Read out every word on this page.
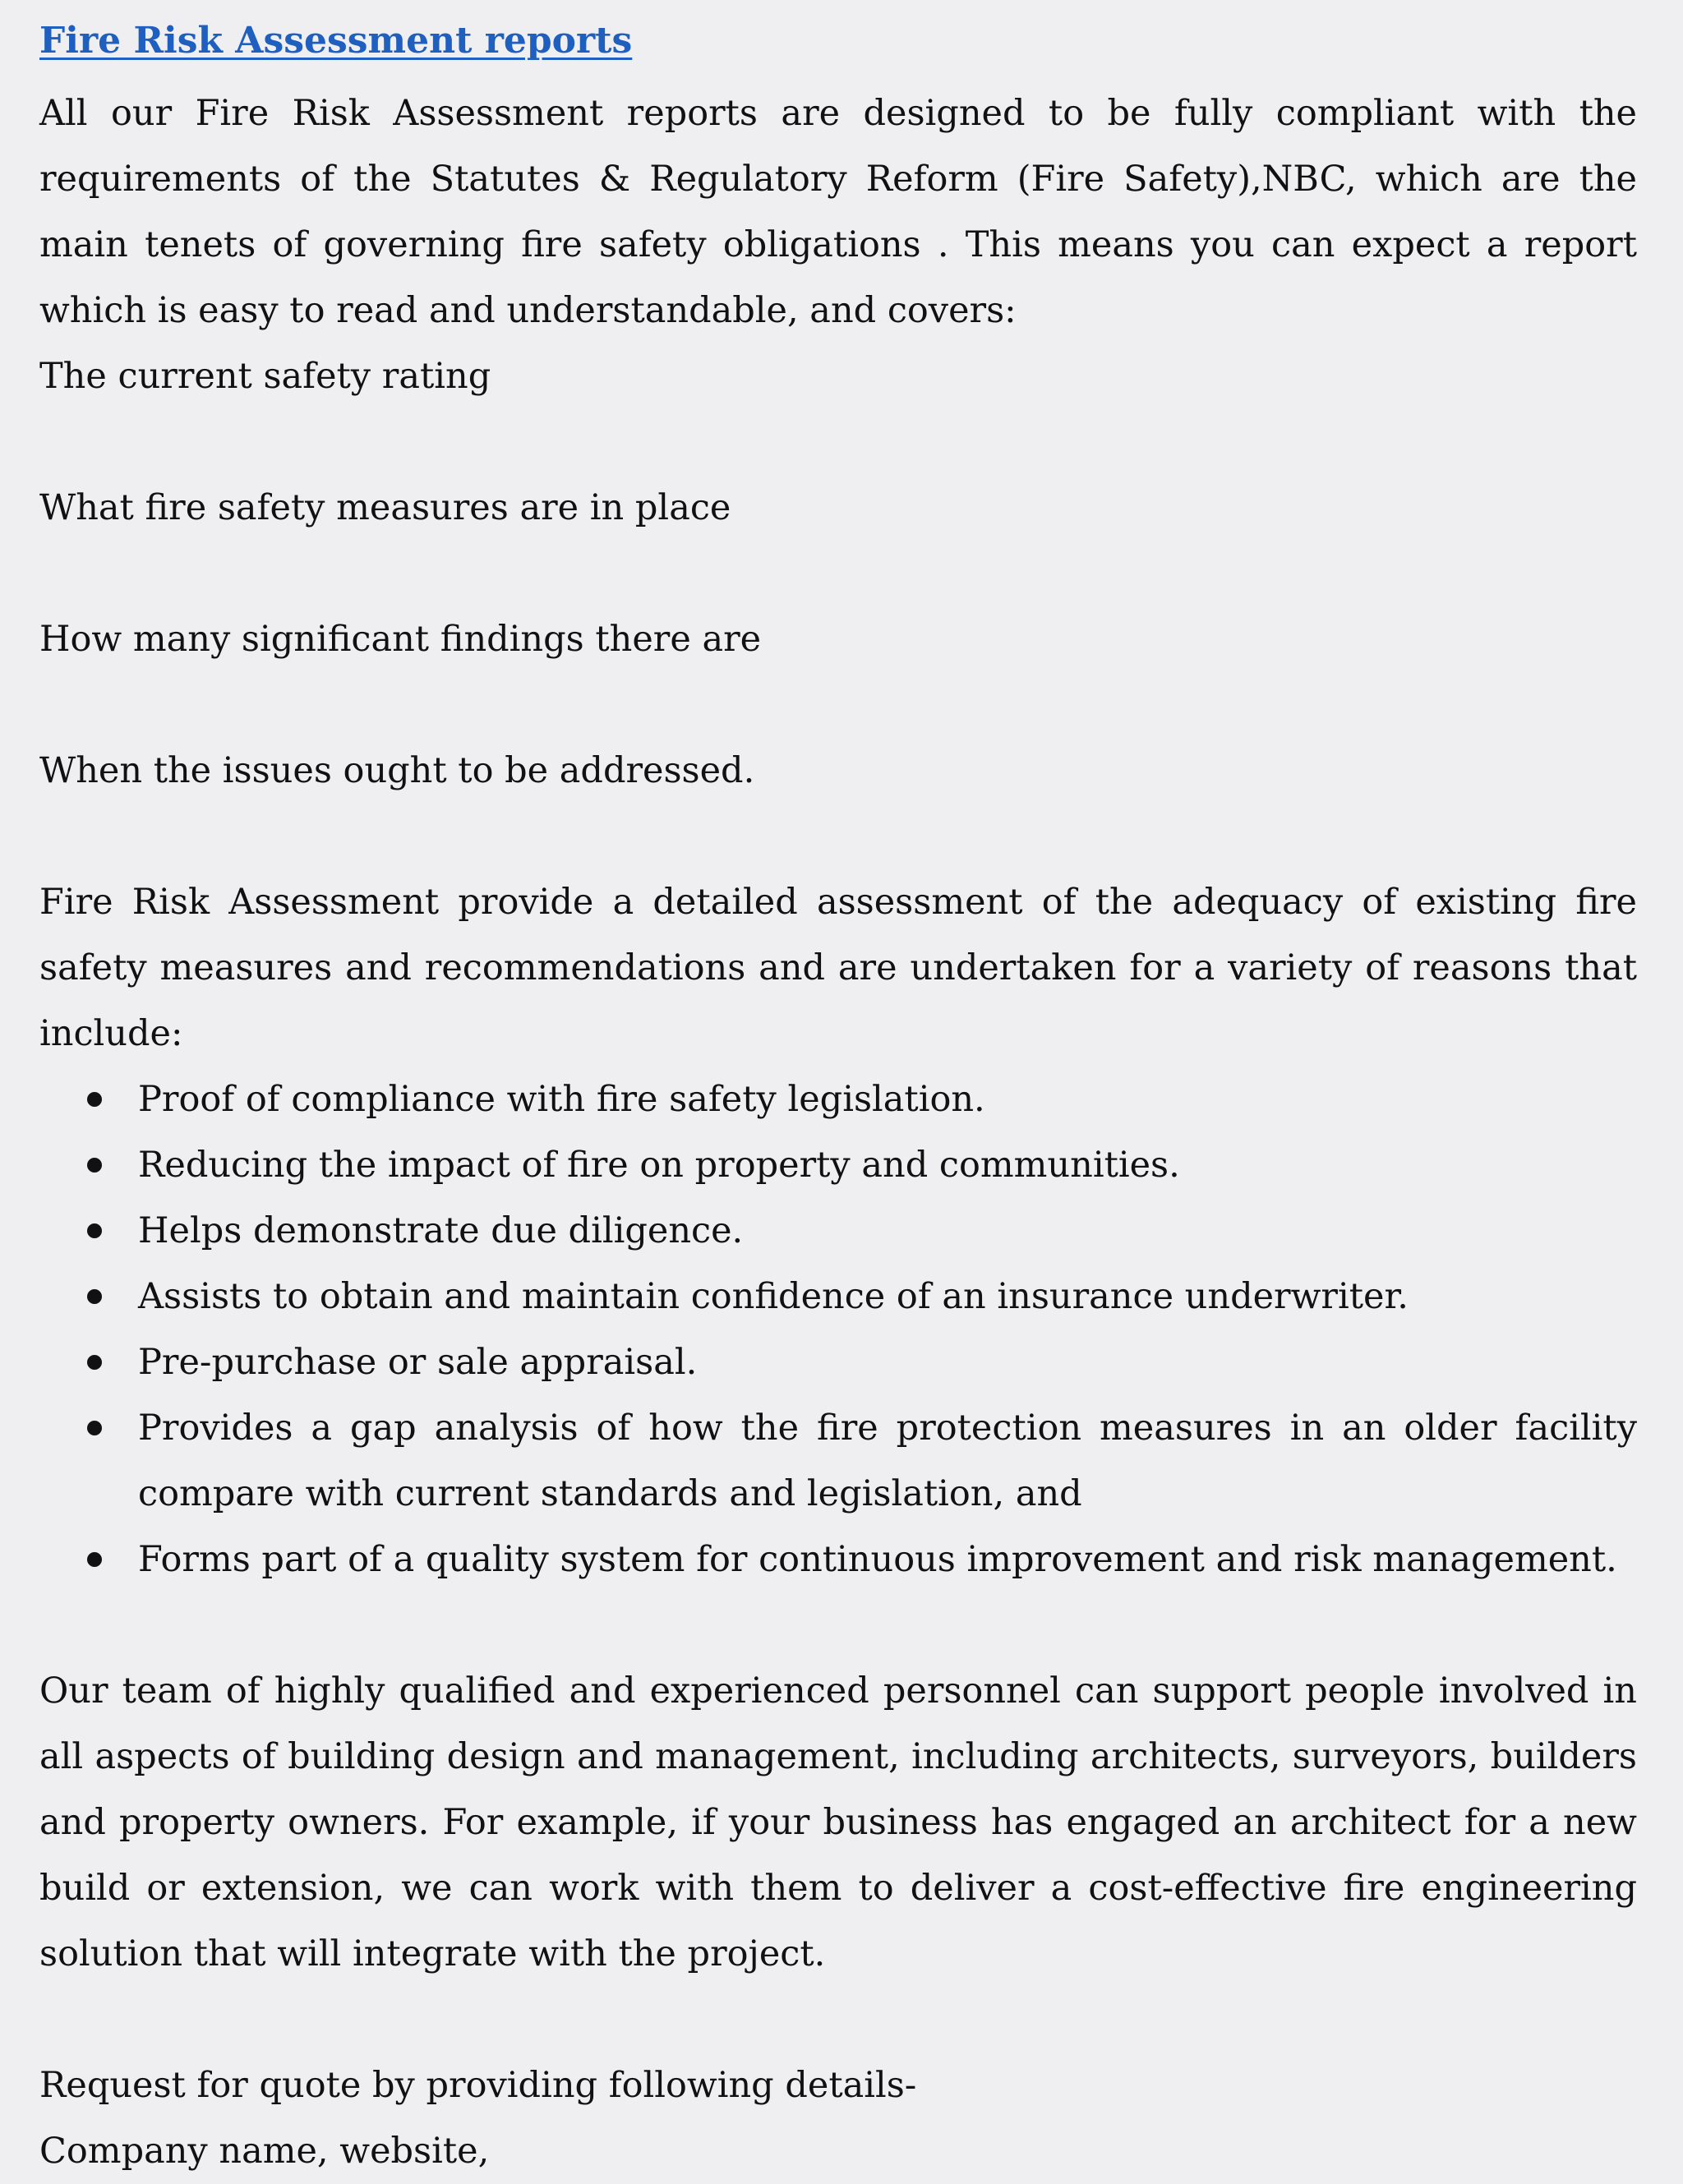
Fire Risk Assessment reports

All our Fire Risk Assessment reports are designed to be fully compliant with the requirements of the Statutes & Regulatory Reform (Fire Safety),NBC, which are the main tenets of governing fire safety obligations . This means you can expect a report which is easy to read and understandable, and covers:

The current safety rating

What fire safety measures are in place

How many significant findings there are

When the issues ought to be addressed.

Fire Risk Assessment provide a detailed assessment of the adequacy of existing fire safety measures and recommendations and are undertaken for a variety of reasons that include:

Proof of compliance with fire safety legislation.
Reducing the impact of fire on property and communities.
Helps demonstrate due diligence.
Assists to obtain and maintain confidence of an insurance underwriter.
Pre-purchase or sale appraisal.
Provides a gap analysis of how the fire protection measures in an older facility compare with current standards and legislation, and
Forms part of a quality system for continuous improvement and risk management.

Our team of highly qualified and experienced personnel can support people involved in all aspects of building design and management, including architects, surveyors, builders and property owners. For example, if your business has engaged an architect for a new build or extension, we can work with them to deliver a cost-effective fire engineering solution that will integrate with the project.

Request for quote by providing following details-

Company name, website,
